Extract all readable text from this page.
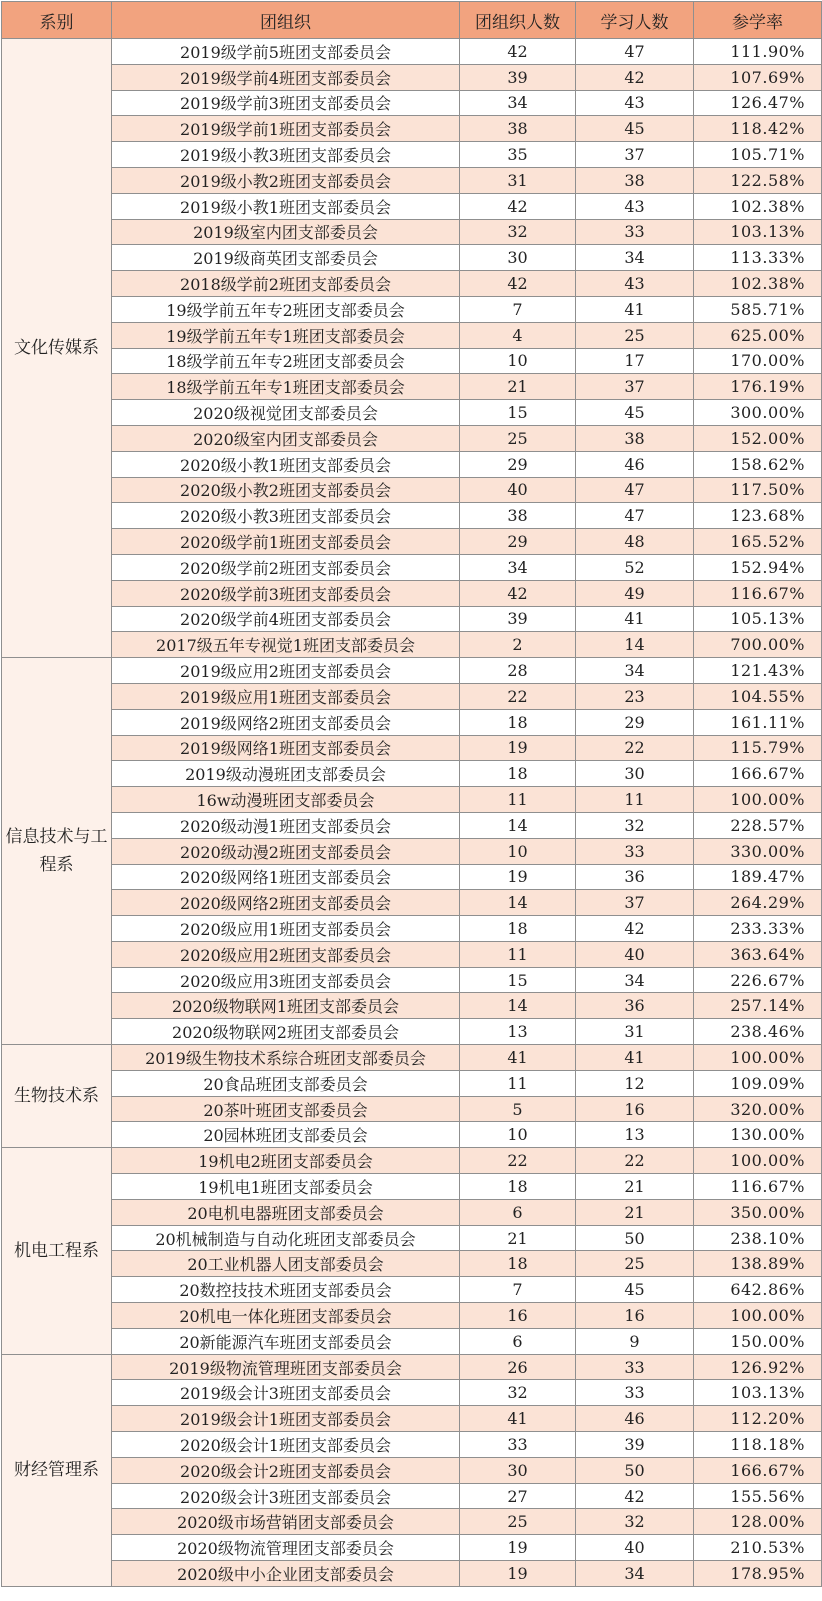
系别	团组织	团组织人数	学习人数	参学率
文化传媒系	2019级学前5班团支部委员会	42	47	111.90%
	2019级学前4班团支部委员会	39	42	107.69%
	2019级学前3班团支部委员会	34	43	126.47%
	2019级学前1班团支部委员会	38	45	118.42%
	2019级小教3班团支部委员会	35	37	105.71%
	2019级小教2班团支部委员会	31	38	122.58%
	2019级小教1班团支部委员会	42	43	102.38%
	2019级室内团支部委员会	32	33	103.13%
	2019级商英团支部委员会	30	34	113.33%
	2018级学前2班团支部委员会	42	43	102.38%
	19级学前五年专2班团支部委员会	7	41	585.71%
	19级学前五年专1班团支部委员会	4	25	625.00%
	18级学前五年专2班团支部委员会	10	17	170.00%
	18级学前五年专1班团支部委员会	21	37	176.19%
	2020级视觉团支部委员会	15	45	300.00%
	2020级室内团支部委员会	25	38	152.00%
	2020级小教1班团支部委员会	29	46	158.62%
	2020级小教2班团支部委员会	40	47	117.50%
	2020级小教3班团支部委员会	38	47	123.68%
	2020级学前1班团支部委员会	29	48	165.52%
	2020级学前2班团支部委员会	34	52	152.94%
	2020级学前3班团支部委员会	42	49	116.67%
	2020级学前4班团支部委员会	39	41	105.13%
	2017级五年专视觉1班团支部委员会	2	14	700.00%
信息技术与工程系	2019级应用2班团支部委员会	28	34	121.43%
	2019级应用1班团支部委员会	22	23	104.55%
	2019级网络2班团支部委员会	18	29	161.11%
	2019级网络1班团支部委员会	19	22	115.79%
	2019级动漫班团支部委员会	18	30	166.67%
	16w动漫班团支部委员会	11	11	100.00%
	2020级动漫1班团支部委员会	14	32	228.57%
	2020级动漫2班团支部委员会	10	33	330.00%
	2020级网络1班团支部委员会	19	36	189.47%
	2020级网络2班团支部委员会	14	37	264.29%
	2020级应用1班团支部委员会	18	42	233.33%
	2020级应用2班团支部委员会	11	40	363.64%
	2020级应用3班团支部委员会	15	34	226.67%
	2020级物联网1班团支部委员会	14	36	257.14%
	2020级物联网2班团支部委员会	13	31	238.46%
生物技术系	2019级生物技术系综合班团支部委员会	41	41	100.00%
	20食品班团支部委员会	11	12	109.09%
	20茶叶班团支部委员会	5	16	320.00%
	20园林班团支部委员会	10	13	130.00%
机电工程系	19机电2班团支部委员会	22	22	100.00%
	19机电1班团支部委员会	18	21	116.67%
	20电机电器班团支部委员会	6	21	350.00%
	20机械制造与自动化班团支部委员会	21	50	238.10%
	20工业机器人团支部委员会	18	25	138.89%
	20数控技技术班团支部委员会	7	45	642.86%
	20机电一体化班团支部委员会	16	16	100.00%
	20新能源汽车班团支部委员会	6	9	150.00%
财经管理系	2019级物流管理班团支部委员会	26	33	126.92%
	2019级会计3班团支部委员会	32	33	103.13%
	2019级会计1班团支部委员会	41	46	112.20%
	2020级会计1班团支部委员会	33	39	118.18%
	2020级会计2班团支部委员会	30	50	166.67%
	2020级会计3班团支部委员会	27	42	155.56%
	2020级市场营销团支部委员会	25	32	128.00%
	2020级物流管理团支部委员会	19	40	210.53%
	2020级中小企业团支部委员会	19	34	178.95%
